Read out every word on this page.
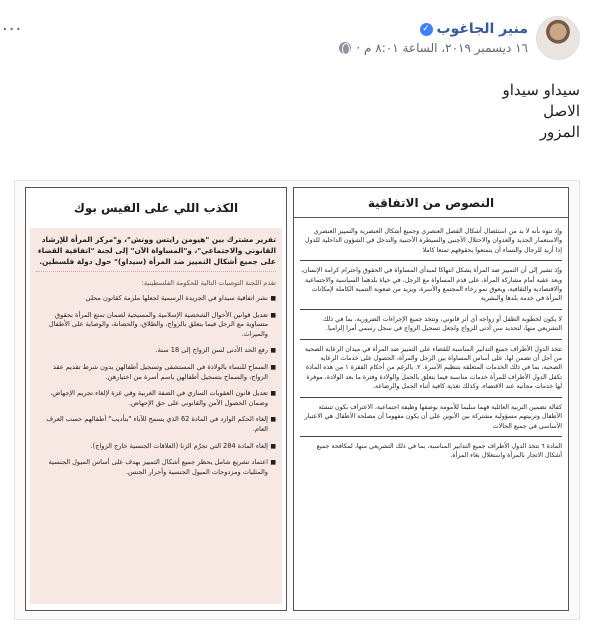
...	منير الجاغوب
✓
١٦ ديسمبر ٢٠١٩، الساعة ٨:٠١ م ·
سيداو سيداو
الاصل
المزور
الكذب اللي على الفيس بوك
تقرير مشترك بين "هيومن رايتس ووتش"، و"مركز المرأة للإرشاد القانوني والاجتماعي"، و"المساواة الآن" إلى لجنة "اتفاقية القضاء على جميع أشكال التمييز ضد المرأة (سيداو)" حول دولة فلسطين.
تقدم اللجنة التوصيات التالية للحكومة الفلسطينية:
■ نشر اتفاقية سيداو في الجريدة الرسمية لجعلها ملزمة كقانون محلي
■ تعديل قوانين الأحوال الشخصية الإسلامية والمسيحية لضمان تمتع المرأة بحقوق متساوية مع الرجل فيما يتعلق بالزواج، والطلاق، والحضانة، والوصاية على الأطفال والميراث.
■ رفع الحد الأدنى لسن الزواج إلى 18 سنة.
■ السماح للنساء بالولادة في المستشفى وتسجيل أطفالهن بدون شرط تقديم عقد الزواج، والسماح بتسجيل أطفالهن باسم أسرة من اختيارهن.
■ تعديل قانون العقوبات الساري في الضفة الغربية وفي غزة لإلغاء تجريم الإجهاض، وضمان الحصول الآمن والقانوني على حق الإجهاض.
■ إلغاء الحكم الوارد في المادة 62 الذي يسمح للآباء "بتأديب" أطفالهم حسب العرف العام.
■ إلغاء المادة 284 التي تجرّم الزنا (العلاقات الجنسية خارج الزواج).
■ اعتماد تشريع شامل يحظر جميع أشكال التمييز بهدف على أساس الميول الجنسية والمثليات ومزدوجات الميول الجنسية وأحرار الجنس.
النصوص من الاتفاقية
وإذ تنوه بأنه لا بد من استئصال أشكال الفصل العنصري وجميع أشكال العنصرية والتمييز العنصري والاستعمار الجديد والعدوان والاحتلال الأجنبي والسيطرة الأجنبية والتدخل في الشؤون الداخلية للدول إذا أريد للرجال والنساء أن يتمتعوا بحقوقهم تمتعا كاملا
وإذ تشير إلى أن التمييز ضد المرأة يشكل انتهاكا لمبدأي المساواة في الحقوق واحترام كرامة الإنسان، ويعد عقبة أمام مشاركة المرأة، على قدم المساواة مع الرجل، في حياة بلدهما السياسية والاجتماعية والاقتصادية والثقافية، ويعوق نمو رخاء المجتمع والأسرة، ويزيد من صعوبة التنمية الكاملة لإمكانات المرأة في خدمة بلدها والبشرية
لا يكون لخطوبة الطفل أو زواجه أي أثر قانوني، وتتخذ جميع الإجراءات الضرورية، بما في ذلك التشريعي منها، لتحديد سن أدنى للزواج ولجعل تسجيل الزواج في سجل رسمي أمرا إلزاميا.
تتخذ الدول الأطراف جميع التدابير المناسبة للقضاء على التمييز ضد المرأة في ميدان الرعاية الصحية من أجل أن تضمن لها، على أساس المساواة بين الرجل والمرأة، الحصول على خدمات الرعاية الصحية، بما في ذلك الخدمات المتعلقة بتنظيم الأسرة. ٢. بالرغم من أحكام الفقرة ١ من هذه المادة تكفل الدول الأطراف للمرأة خدمات مناسبة فيما يتعلق بالحمل والولادة وفترة ما بعد الولادة، موفرة لها خدمات مجانية عند الاقتضاء، وكذلك تغذية كافية أثناء الحمل والرضاعة.
كفالة تضمين التربية العائلية فهما سليما للأمومة بوصفها وظيفة اجتماعية، الاعتراف بكون تنشئة الأطفال وتربيتهم مسؤولية مشتركة بين الأبوين على أن يكون مفهوما أن مصلحة الأطفال هي الاعتبار الأساسي في جميع الحالات
المادة ٦ تتخذ الدول الأطراف جميع التدابير المناسبة، بما في ذلك التشريعي منها، لمكافحة جميع أشكال الاتجار بالمرأة واستغلال بغاء المرأة.
